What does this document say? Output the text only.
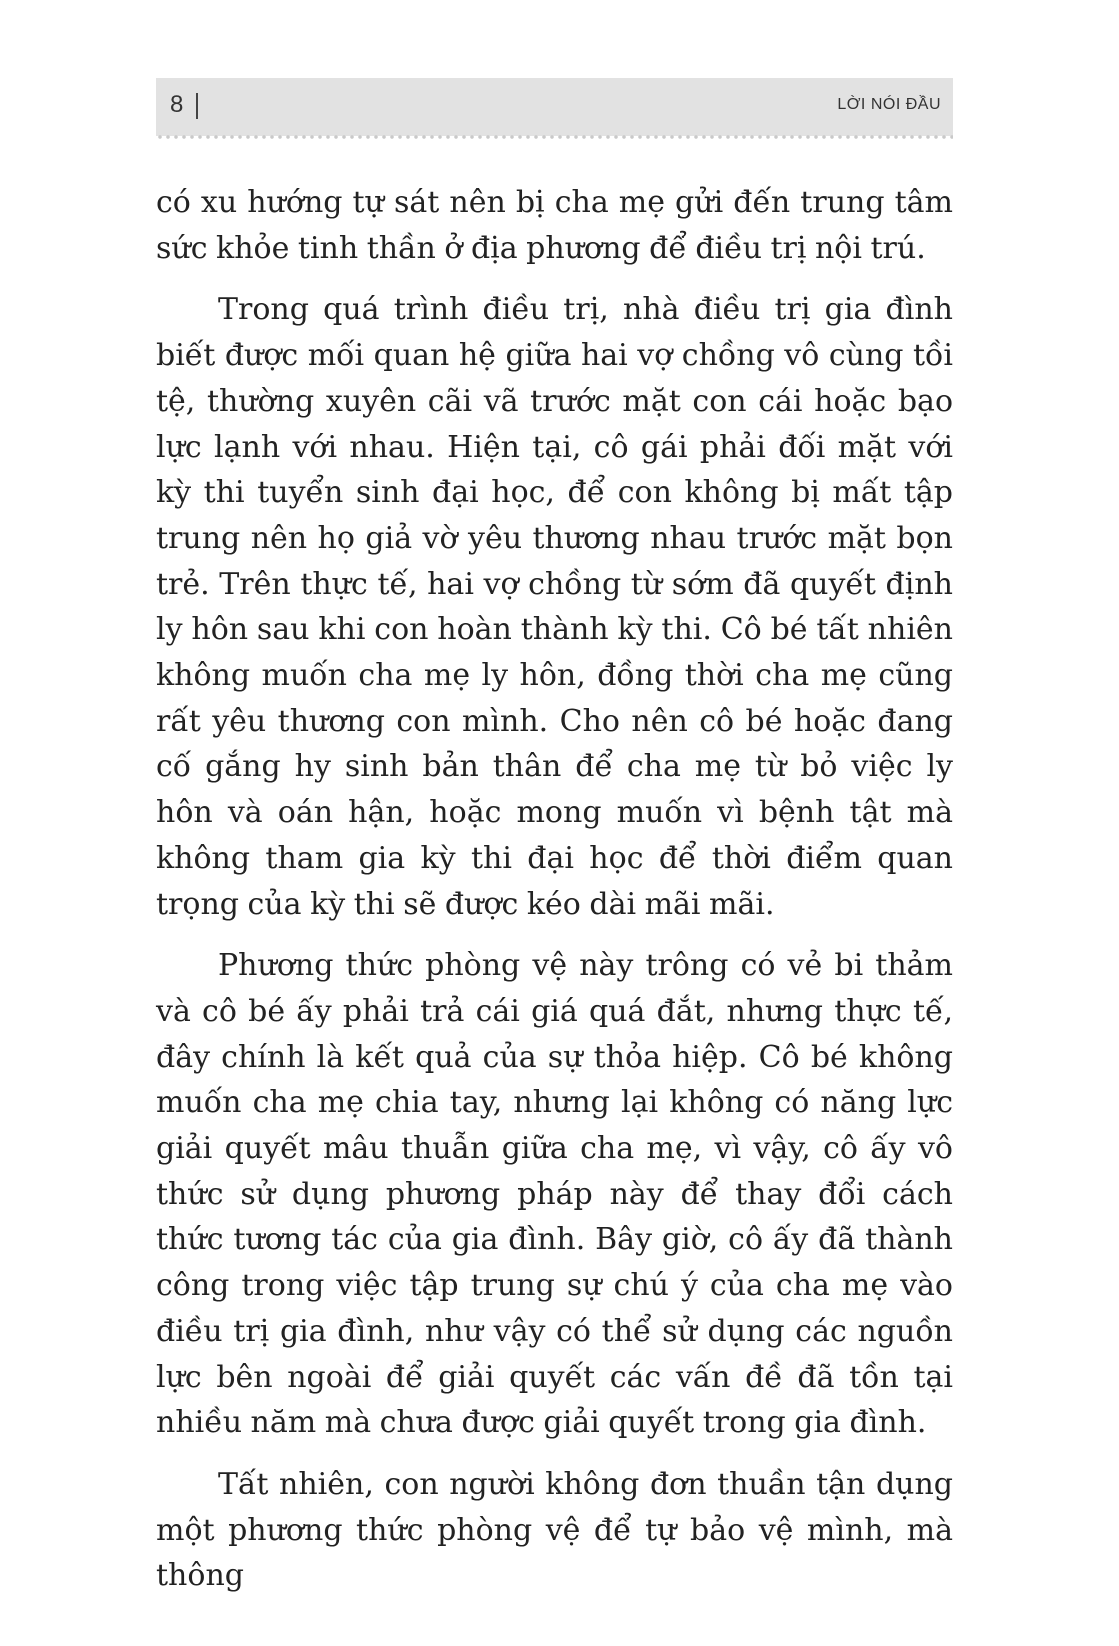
8	LỜI NÓI ĐẦU

có xu hướng tự sát nên bị cha mẹ gửi đến trung tâm sức khỏe tinh thần ở địa phương để điều trị nội trú.

Trong quá trình điều trị, nhà điều trị gia đình biết được mối quan hệ giữa hai vợ chồng vô cùng tồi tệ, thường xuyên cãi vã trước mặt con cái hoặc bạo lực lạnh với nhau. Hiện tại, cô gái phải đối mặt với kỳ thi tuyển sinh đại học, để con không bị mất tập trung nên họ giả vờ yêu thương nhau trước mặt bọn trẻ. Trên thực tế, hai vợ chồng từ sớm đã quyết định ly hôn sau khi con hoàn thành kỳ thi. Cô bé tất nhiên không muốn cha mẹ ly hôn, đồng thời cha mẹ cũng rất yêu thương con mình. Cho nên cô bé hoặc đang cố gắng hy sinh bản thân để cha mẹ từ bỏ việc ly hôn và oán hận, hoặc mong muốn vì bệnh tật mà không tham gia kỳ thi đại học để thời điểm quan trọng của kỳ thi sẽ được kéo dài mãi mãi.

Phương thức phòng vệ này trông có vẻ bi thảm và cô bé ấy phải trả cái giá quá đắt, nhưng thực tế, đây chính là kết quả của sự thỏa hiệp. Cô bé không muốn cha mẹ chia tay, nhưng lại không có năng lực giải quyết mâu thuẫn giữa cha mẹ, vì vậy, cô ấy vô thức sử dụng phương pháp này để thay đổi cách thức tương tác của gia đình. Bây giờ, cô ấy đã thành công trong việc tập trung sự chú ý của cha mẹ vào điều trị gia đình, như vậy có thể sử dụng các nguồn lực bên ngoài để giải quyết các vấn đề đã tồn tại nhiều năm mà chưa được giải quyết trong gia đình.

Tất nhiên, con người không đơn thuần tận dụng một phương thức phòng vệ để tự bảo vệ mình, mà thông
